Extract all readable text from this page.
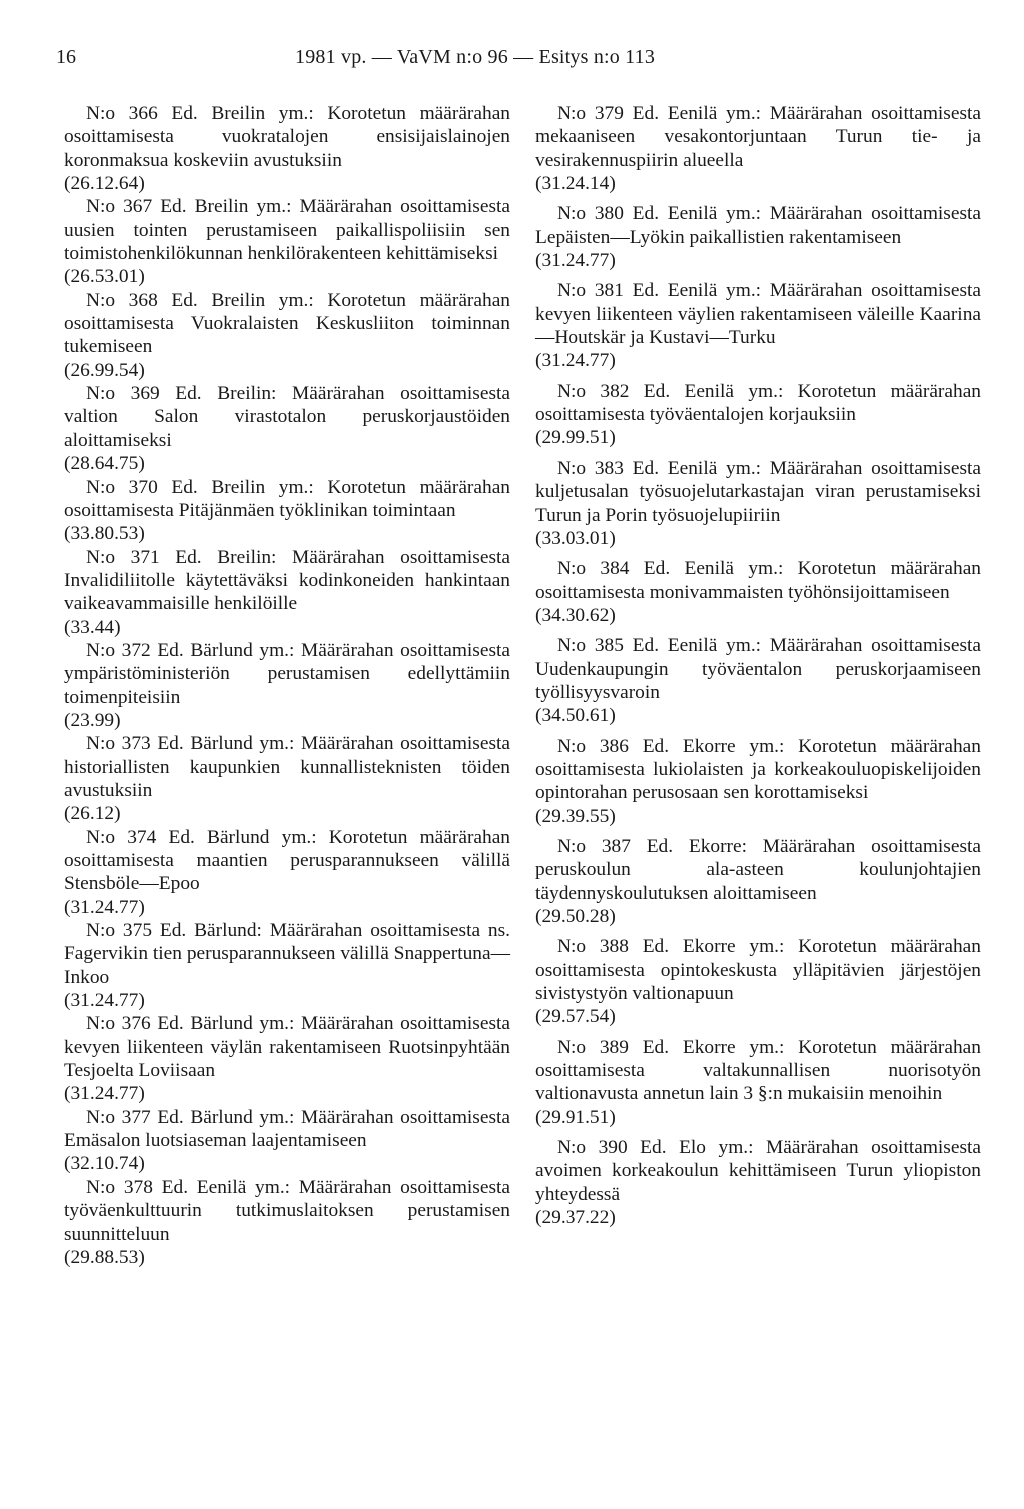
16	1981 vp. — VaVM n:o 96 — Esitys n:o 113

N:o 366 Ed. Breilin ym.: Korotetun määrärahan osoittamisesta vuokratalojen ensisijaislainojen koronmaksua koskeviin avustuksiin

(26.12.64)

N:o 367 Ed. Breilin ym.: Määrärahan osoittamisesta uusien tointen perustamiseen paikallispoliisiin sen toimistohenkilökunnan henkilörakenteen kehittämiseksi

(26.53.01)

N:o 368 Ed. Breilin ym.: Korotetun määrärahan osoittamisesta Vuokralaisten Keskusliiton toiminnan tukemiseen

(26.99.54)

N:o 369 Ed. Breilin: Määrärahan osoittamisesta valtion Salon virastotalon peruskorjaustöiden aloittamiseksi

(28.64.75)

N:o 370 Ed. Breilin ym.: Korotetun määrärahan osoittamisesta Pitäjänmäen työklinikan toimintaan

(33.80.53)

N:o 371 Ed. Breilin: Määrärahan osoittamisesta Invalidiliitolle käytettäväksi kodinkoneiden hankintaan vaikeavammaisille henkilöille

(33.44)

N:o 372 Ed. Bärlund ym.: Määrärahan osoittamisesta ympäristöministeriön perustamisen edellyttämiin toimenpiteisiin

(23.99)

N:o 373 Ed. Bärlund ym.: Määrärahan osoittamisesta historiallisten kaupunkien kunnallisteknisten töiden avustuksiin

(26.12)

N:o 374 Ed. Bärlund ym.: Korotetun määrärahan osoittamisesta maantien perusparannukseen välillä Stensböle—Epoo

(31.24.77)

N:o 375 Ed. Bärlund: Määrärahan osoittamisesta ns. Fagervikin tien perusparannukseen välillä Snappertuna—Inkoo

(31.24.77)

N:o 376 Ed. Bärlund ym.: Määrärahan osoittamisesta kevyen liikenteen väylän rakentamiseen Ruotsinpyhtään Tesjoelta Loviisaan

(31.24.77)

N:o 377 Ed. Bärlund ym.: Määrärahan osoittamisesta Emäsalon luotsiaseman laajentamiseen

(32.10.74)

N:o 378 Ed. Eenilä ym.: Määrärahan osoittamisesta työväenkulttuurin tutkimuslaitoksen perustamisen suunnitteluun

(29.88.53)

N:o 379 Ed. Eenilä ym.: Määrärahan osoittamisesta mekaaniseen vesakontorjuntaan Turun tie- ja vesirakennuspiirin alueella

(31.24.14)

N:o 380 Ed. Eenilä ym.: Määrärahan osoittamisesta Lepäisten—Lyökin paikallistien rakentamiseen

(31.24.77)

N:o 381 Ed. Eenilä ym.: Määrärahan osoittamisesta kevyen liikenteen väylien rakentamiseen väleille Kaarina—Houtskär ja Kustavi—Turku

(31.24.77)

N:o 382 Ed. Eenilä ym.: Korotetun määrärahan osoittamisesta työväentalojen korjauksiin

(29.99.51)

N:o 383 Ed. Eenilä ym.: Määrärahan osoittamisesta kuljetusalan työsuojelutarkastajan viran perustamiseksi Turun ja Porin työsuojelupiiriin

(33.03.01)

N:o 384 Ed. Eenilä ym.: Korotetun määrärahan osoittamisesta monivammaisten työhönsijoittamiseen

(34.30.62)

N:o 385 Ed. Eenilä ym.: Määrärahan osoittamisesta Uudenkaupungin työväentalon peruskorjaamiseen työllisyysvaroin

(34.50.61)

N:o 386 Ed. Ekorre ym.: Korotetun määrärahan osoittamisesta lukiolaisten ja korkeakouluopiskelijoiden opintorahan perusosaan sen korottamiseksi

(29.39.55)

N:o 387 Ed. Ekorre: Määrärahan osoittamisesta peruskoulun ala-asteen koulunjohtajien täydennyskoulutuksen aloittamiseen

(29.50.28)

N:o 388 Ed. Ekorre ym.: Korotetun määrärahan osoittamisesta opintokeskusta ylläpitävien järjestöjen sivistystyön valtionapuun

(29.57.54)

N:o 389 Ed. Ekorre ym.: Korotetun määrärahan osoittamisesta valtakunnallisen nuorisotyön valtionavusta annetun lain 3 §:n mukaisiin menoihin

(29.91.51)

N:o 390 Ed. Elo ym.: Määrärahan osoittamisesta avoimen korkeakoulun kehittämiseen Turun yliopiston yhteydessä

(29.37.22)
